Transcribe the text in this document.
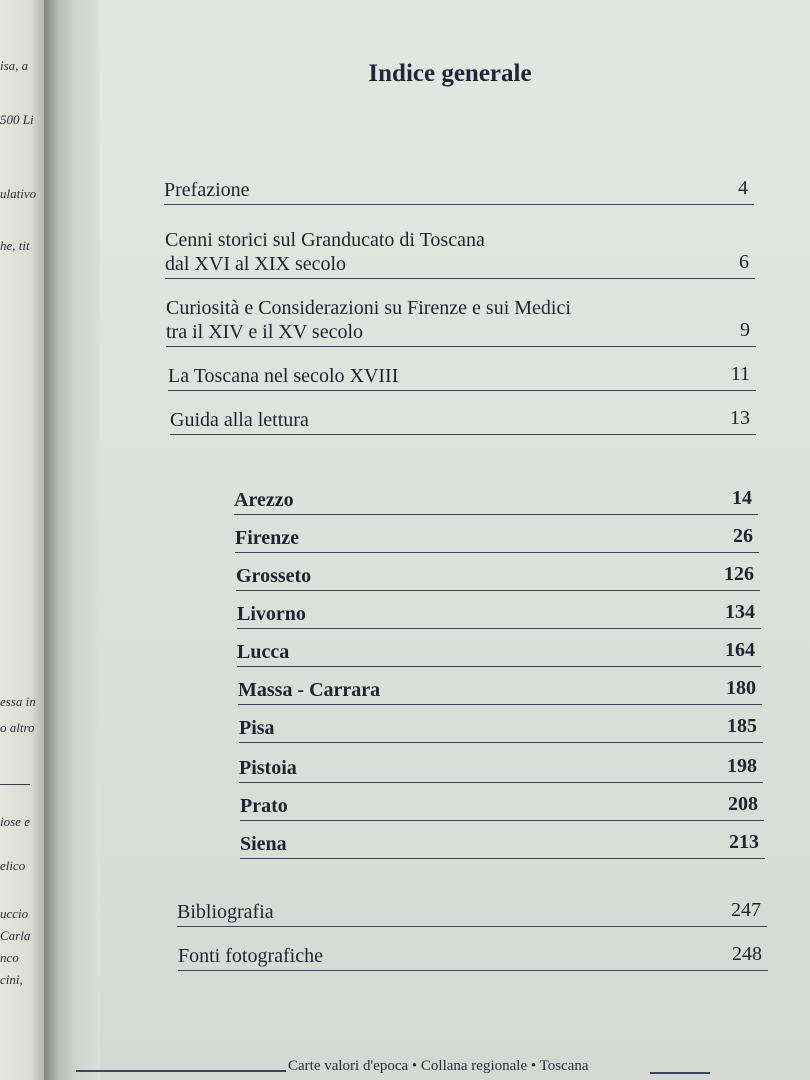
isa, a
500 Li
ulativo
he, tit
essa in
o altro
iose e
elico
uccio
Carla
nco
cini,
Indice generale
Prefazione	4
Cenni storici sul Granducato di Toscana
dal XVI al XIX secolo	6
Curiosità e Considerazioni su Firenze e sui Medici
tra il XIV e il XV secolo	9
La Toscana nel secolo XVIII	11
Guida alla lettura	13
Arezzo	14
Firenze	26
Grosseto	126
Livorno	134
Lucca	164
Massa - Carrara	180
Pisa	185
Pistoia	198
Prato	208
Siena	213
Bibliografia	247
Fonti fotografiche	248
Carte valori d'epoca • Collana regionale • Toscana
